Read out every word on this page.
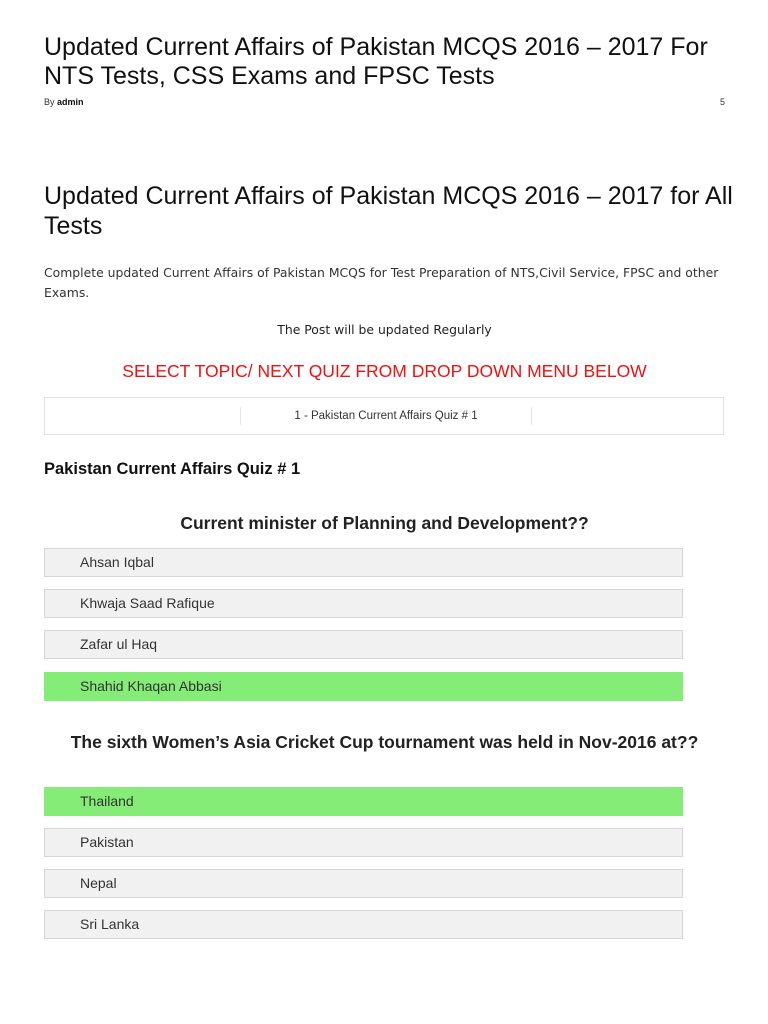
Updated Current Affairs of Pakistan MCQS 2016 – 2017 For NTS Tests, CSS Exams and FPSC Tests
By admin	5
Updated Current Affairs of Pakistan MCQS 2016 – 2017 for All Tests

Complete updated Current Affairs of Pakistan MCQS for Test Preparation of NTS,Civil Service, FPSC and other Exams.

The Post will be updated Regularly
SELECT TOPIC/ NEXT QUIZ FROM DROP DOWN MENU BELOW
1 - Pakistan Current Affairs Quiz # 1
Pakistan Current Affairs Quiz # 1
Current minister of Planning and Development??
Ahsan Iqbal
Khwaja Saad Rafique
Zafar ul Haq
Shahid Khaqan Abbasi
The sixth Women’s Asia Cricket Cup tournament was held in Nov-2016 at??
Thailand
Pakistan
Nepal
Sri Lanka
